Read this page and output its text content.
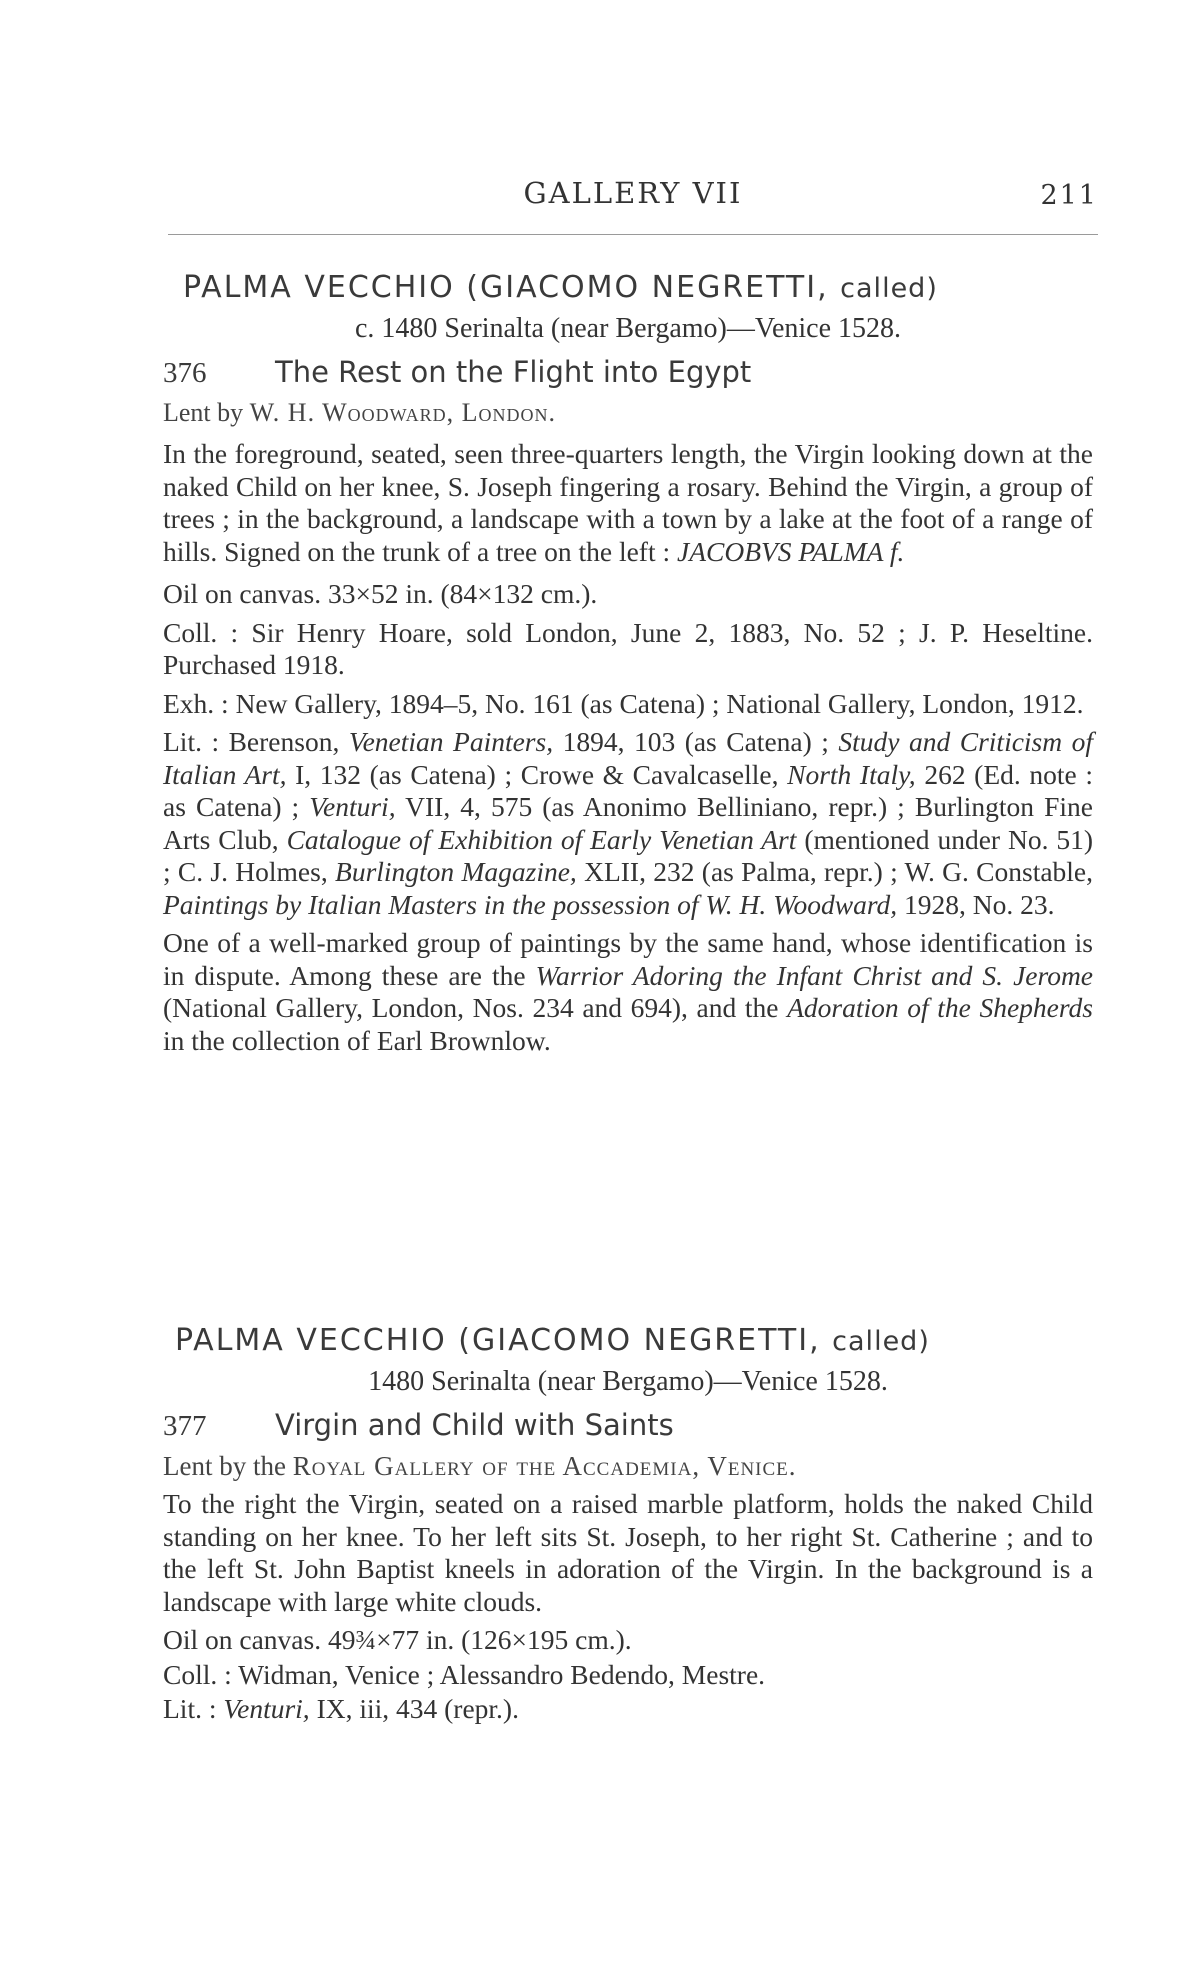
GALLERY VII	211
PALMA VECCHIO (GIACOMO NEGRETTI, called)
c. 1480 Serinalta (near Bergamo)—Venice 1528.
376 The Rest on the Flight into Egypt
Lent by W. H. Woodward, London.

In the foreground, seated, seen three-quarters length, the Virgin looking down at the naked Child on her knee, S. Joseph fingering a rosary. Behind the Virgin, a group of trees ; in the background, a landscape with a town by a lake at the foot of a range of hills. Signed on the trunk of a tree on the left : JACOBVS PALMA f.

Oil on canvas. 33×52 in. (84×132 cm.).

Coll. : Sir Henry Hoare, sold London, June 2, 1883, No. 52 ; J. P. Heseltine. Purchased 1918.

Exh. : New Gallery, 1894–5, No. 161 (as Catena) ; National Gallery, London, 1912.

Lit. : Berenson, Venetian Painters, 1894, 103 (as Catena) ; Study and Criticism of Italian Art, I, 132 (as Catena) ; Crowe & Cavalcaselle, North Italy, 262 (Ed. note : as Catena) ; Venturi, VII, 4, 575 (as Anonimo Belliniano, repr.) ; Burlington Fine Arts Club, Catalogue of Exhibition of Early Venetian Art (mentioned under No. 51) ; C. J. Holmes, Burlington Magazine, XLII, 232 (as Palma, repr.) ; W. G. Constable, Paintings by Italian Masters in the possession of W. H. Woodward, 1928, No. 23.

One of a well-marked group of paintings by the same hand, whose identification is in dispute. Among these are the Warrior Adoring the Infant Christ and S. Jerome (National Gallery, London, Nos. 234 and 694), and the Adoration of the Shepherds in the collection of Earl Brownlow.

PALMA VECCHIO (GIACOMO NEGRETTI, called)
1480 Serinalta (near Bergamo)—Venice 1528.
377 Virgin and Child with Saints
Lent by the Royal Gallery of the Accademia, Venice.

To the right the Virgin, seated on a raised marble platform, holds the naked Child standing on her knee. To her left sits St. Joseph, to her right St. Catherine ; and to the left St. John Baptist kneels in adoration of the Virgin. In the background is a landscape with large white clouds.

Oil on canvas. 49¾×77 in. (126×195 cm.).

Coll. : Widman, Venice ; Alessandro Bedendo, Mestre.

Lit. : Venturi, IX, iii, 434 (repr.).
